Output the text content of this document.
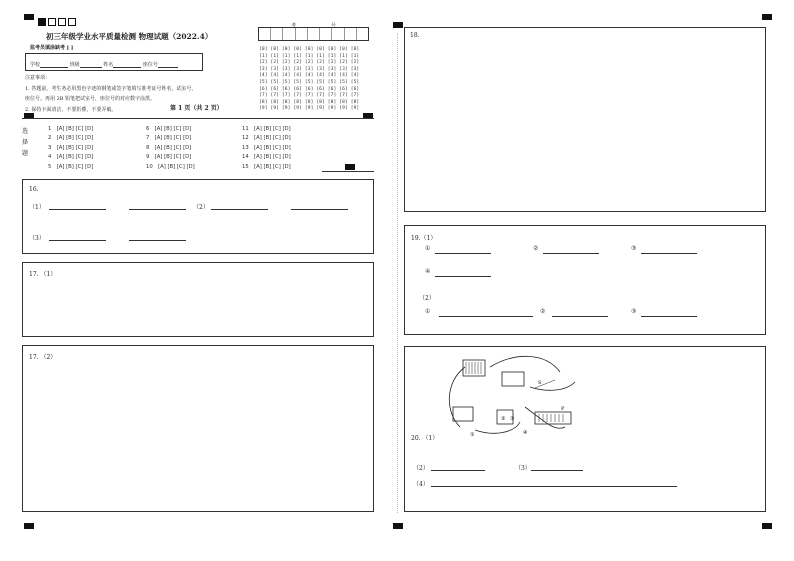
初三年级学业水平质量检测 物理试题（2022.4）
监考员填涂缺考 [ ]
学校	班级	姓名	座位号
注意事项：
1. 答题前，考生务必用黑色字迹的钢笔或签字笔填写准考证号姓名，试室号，
座位号。再用 2B 铅笔把试室号，座位号的对应数字涂黑。
2. 保持卡面清洁，不要折叠，不要弄破。	第 1 页（共 2 页）
考	号
[0] [0] [0] [0] [0] [0] [0] [0] [0]
[1] [1] [1] [1] [1] [1] [1] [1] [1]
[2] [2] [2] [2] [2] [2] [2] [2] [2]
[3] [3] [3] [3] [3] [3] [3] [3] [3]
[4] [4] [4] [4] [4] [4] [4] [4] [4]
[5] [5] [5] [5] [5] [5] [5] [5] [5]
[6] [6] [6] [6] [6] [6] [6] [6] [6]
[7] [7] [7] [7] [7] [7] [7] [7] [7]
[8] [8] [8] [8] [8] [8] [8] [8] [8]
[9] [9] [9] [9] [9] [9] [9] [9] [9]
选
择
题
1　[A] [B] [C] [D]
2　[A] [B] [C] [D]
3　[A] [B] [C] [D]
4　[A] [B] [C] [D]
5　[A] [B] [C] [D]
6　[A] [B] [C] [D]
7　[A] [B] [C] [D]
8　[A] [B] [C] [D]
9　[A] [B] [C] [D]
10　[A] [B] [C] [D]
11　[A] [B] [C] [D]
12　[A] [B] [C] [D]
13　[A] [B] [C] [D]
14　[A] [B] [C] [D]
15　[A] [B] [C] [D]
16.
（1）	（2）
（3）
17. （1）
17. （2）
18.
19.（1）
①	②	③
④
（2）
①	②	③
S
P
①
② ③
④
20. （1）
（2）	（3）
（4）
